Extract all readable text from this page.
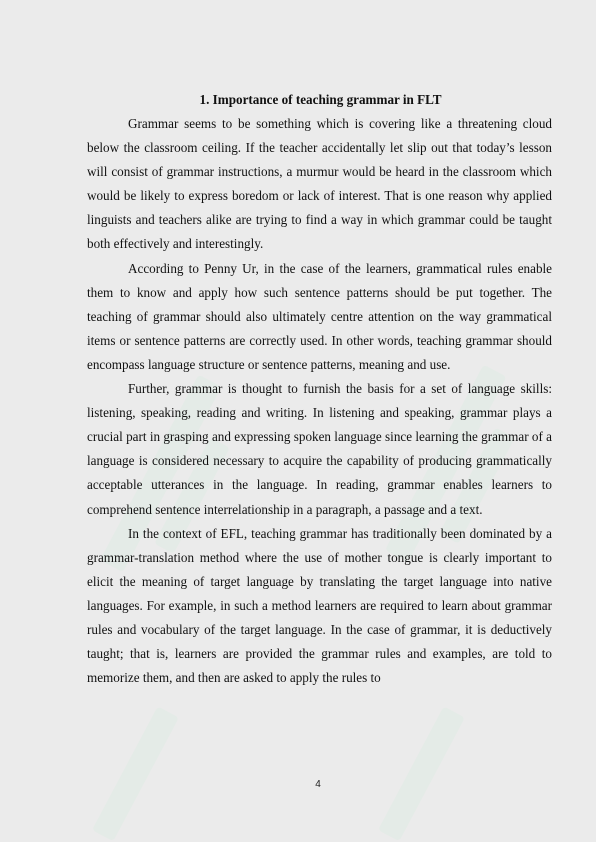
1. Importance of teaching grammar in FLT

Grammar seems to be something which is covering like a threatening cloud below the classroom ceiling. If the teacher accidentally let slip out that today’s lesson will consist of grammar instructions, a murmur would be heard in the classroom which would be likely to express boredom or lack of interest. That is one reason why applied linguists and teachers alike are trying to find a way in which grammar could be taught both effectively and interestingly.

According to Penny Ur, in the case of the learners, grammatical rules enable them to know and apply how such sentence patterns should be put together. The teaching of grammar should also ultimately centre attention on the way grammatical items or sentence patterns are correctly used. In other words, teaching grammar should encompass language structure or sentence patterns, meaning and use.

Further, grammar is thought to furnish the basis for a set of language skills: listening, speaking, reading and writing. In listening and speaking, grammar plays a crucial part in grasping and expressing spoken language since learning the grammar of a language is considered necessary to acquire the capability of producing grammatically acceptable utterances in the language. In reading, grammar enables learners to comprehend sentence interrelationship in a paragraph, a passage and a text.

In the context of EFL, teaching grammar has traditionally been dominated by a grammar-translation method where the use of mother tongue is clearly important to elicit the meaning of target language by translating the target language into native languages. For example, in such a method learners are required to learn about grammar rules and vocabulary of the target language. In the case of grammar, it is deductively taught; that is, learners are provided the grammar rules and examples, are told to memorize them, and then are asked to apply the rules to

4
